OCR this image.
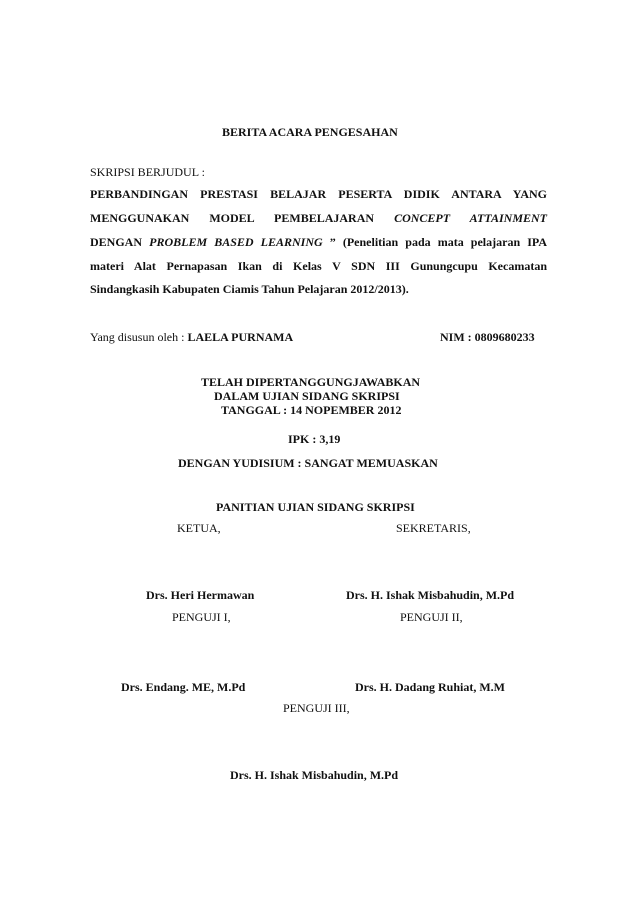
BERITA ACARA PENGESAHAN
SKRIPSI BERJUDUL :
PERBANDINGAN PRESTASI BELAJAR PESERTA DIDIK ANTARA YANG
MENGGUNAKAN MODEL PEMBELAJARAN CONCEPT ATTAINMENT
DENGAN PROBLEM BASED LEARNING ” (Penelitian pada mata pelajaran IPA
materi Alat Pernapasan Ikan di Kelas V SDN III Gunungcupu Kecamatan
Sindangkasih Kabupaten Ciamis Tahun Pelajaran 2012/2013).
Yang disusun oleh : LAELA PURNAMA	NIM : 0809680233
TELAH DIPERTANGGUNGJAWABKAN
DALAM UJIAN SIDANG SKRIPSI
TANGGAL : 14 NOPEMBER 2012
IPK : 3,19
DENGAN YUDISIUM : SANGAT MEMUASKAN
PANITIAN UJIAN SIDANG SKRIPSI
KETUA,	SEKRETARIS,
Drs. Heri Hermawan	Drs. H. Ishak Misbahudin, M.Pd
PENGUJI I,	PENGUJI II,
Drs. Endang. ME, M.Pd	Drs. H. Dadang Ruhiat, M.M
PENGUJI III,
Drs. H. Ishak Misbahudin, M.Pd
